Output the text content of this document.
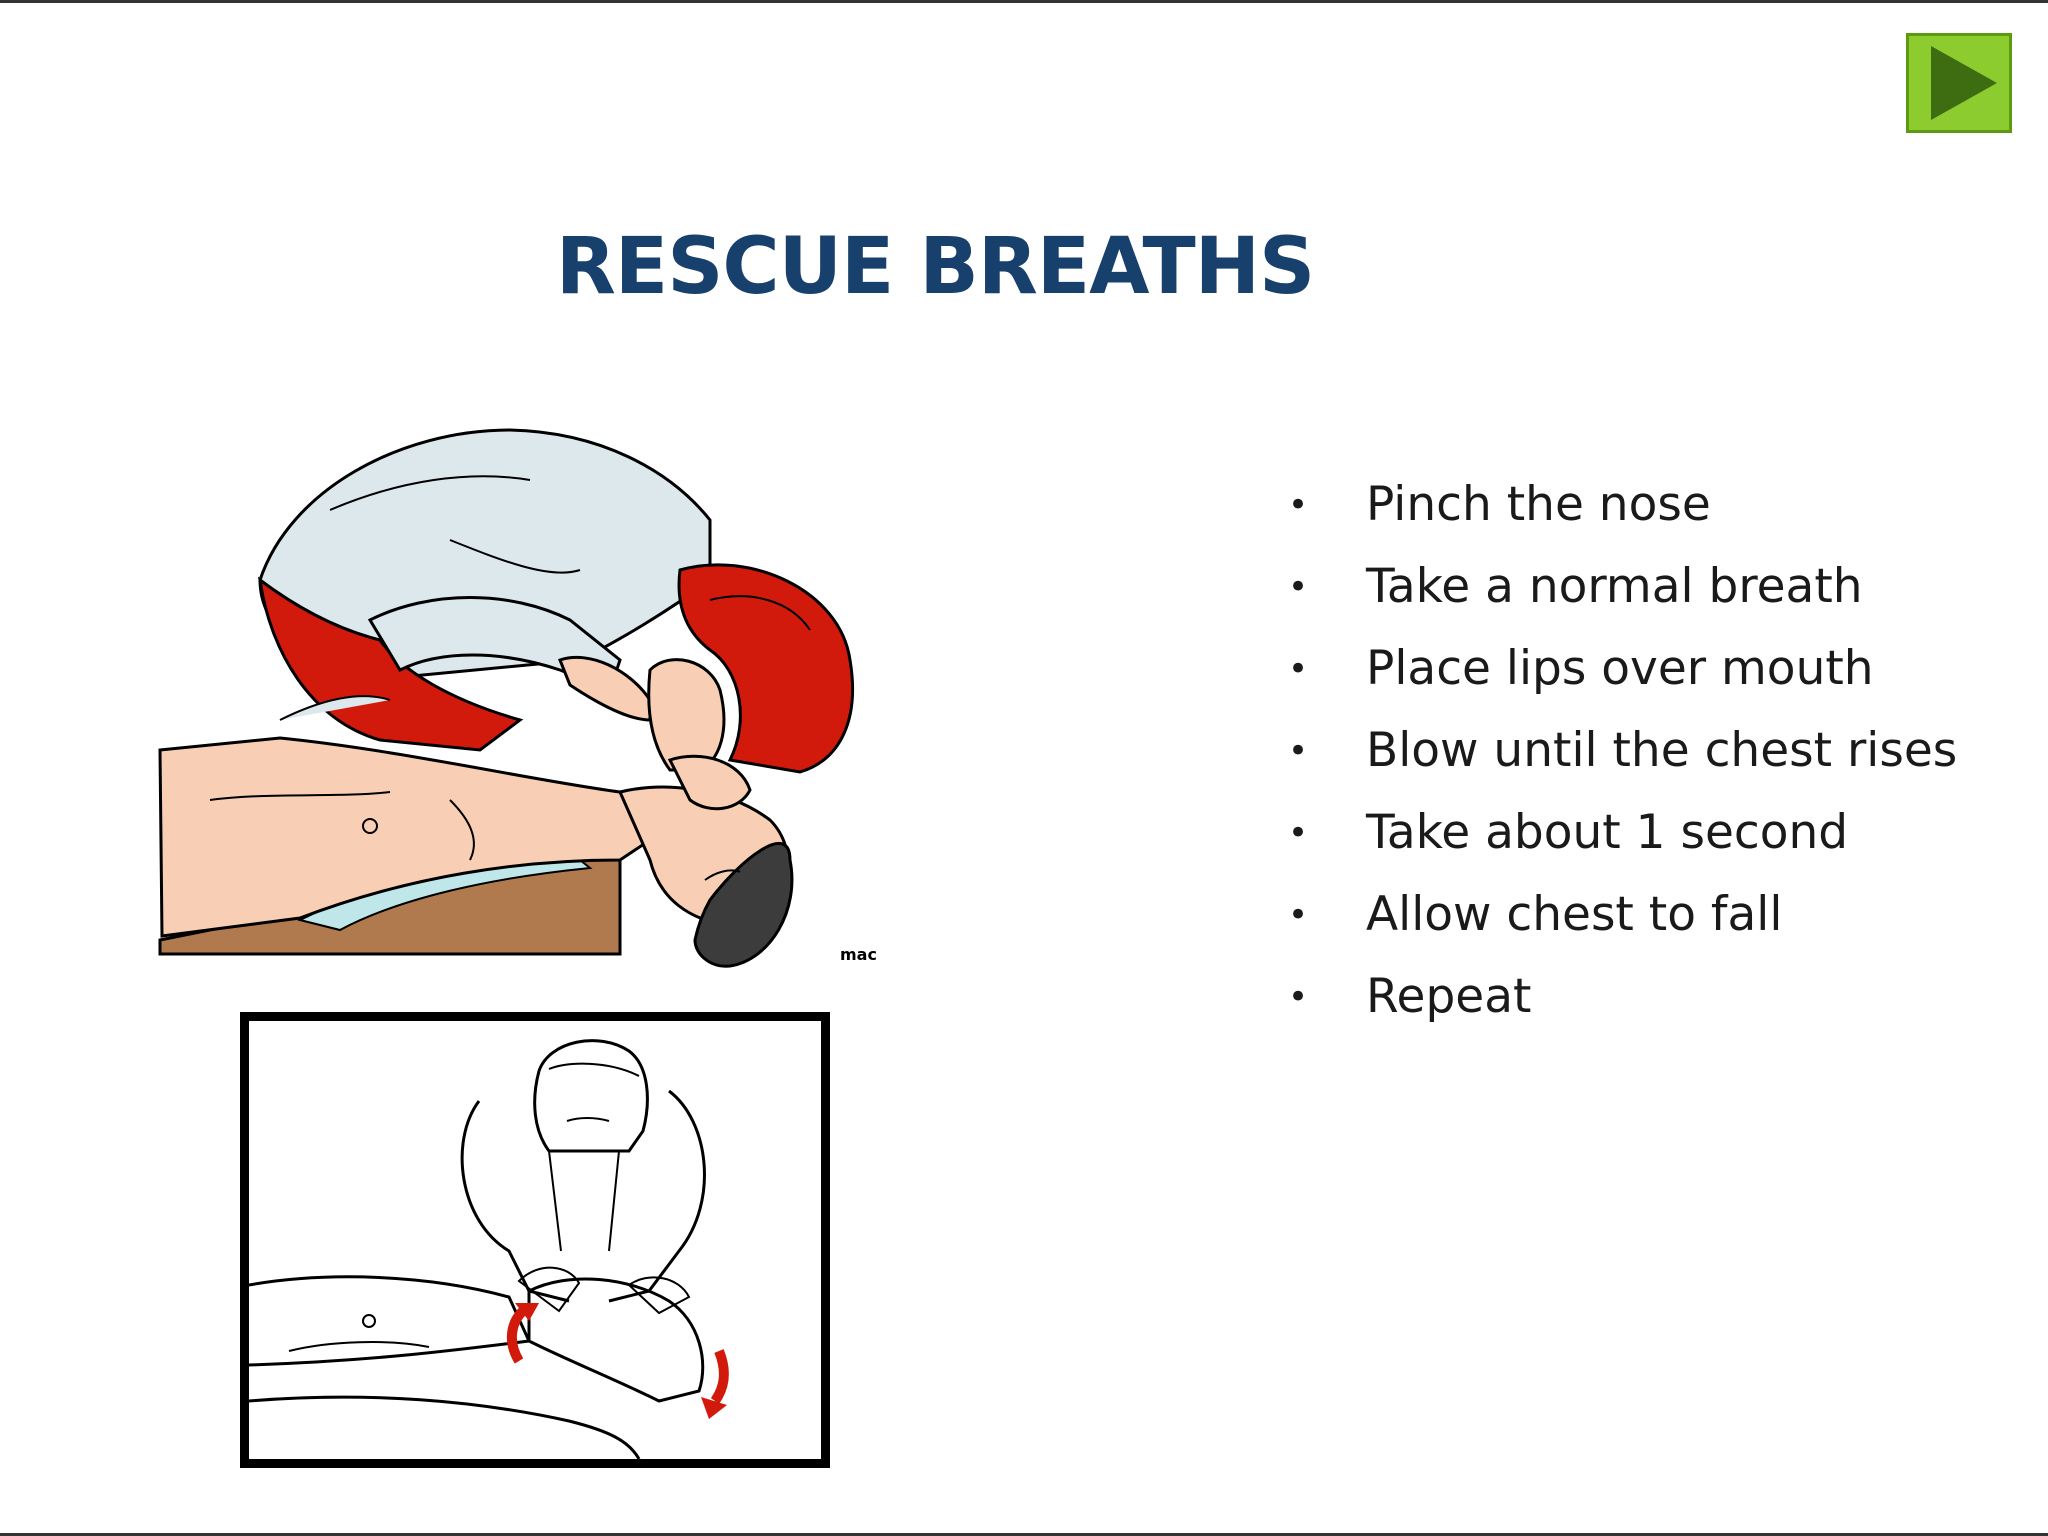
RESCUE BREATHS
mac
• Pinch the nose
• Take a normal breath
• Place lips over mouth
• Blow until the chest rises
• Take about 1 second
• Allow chest to fall
• Repeat
